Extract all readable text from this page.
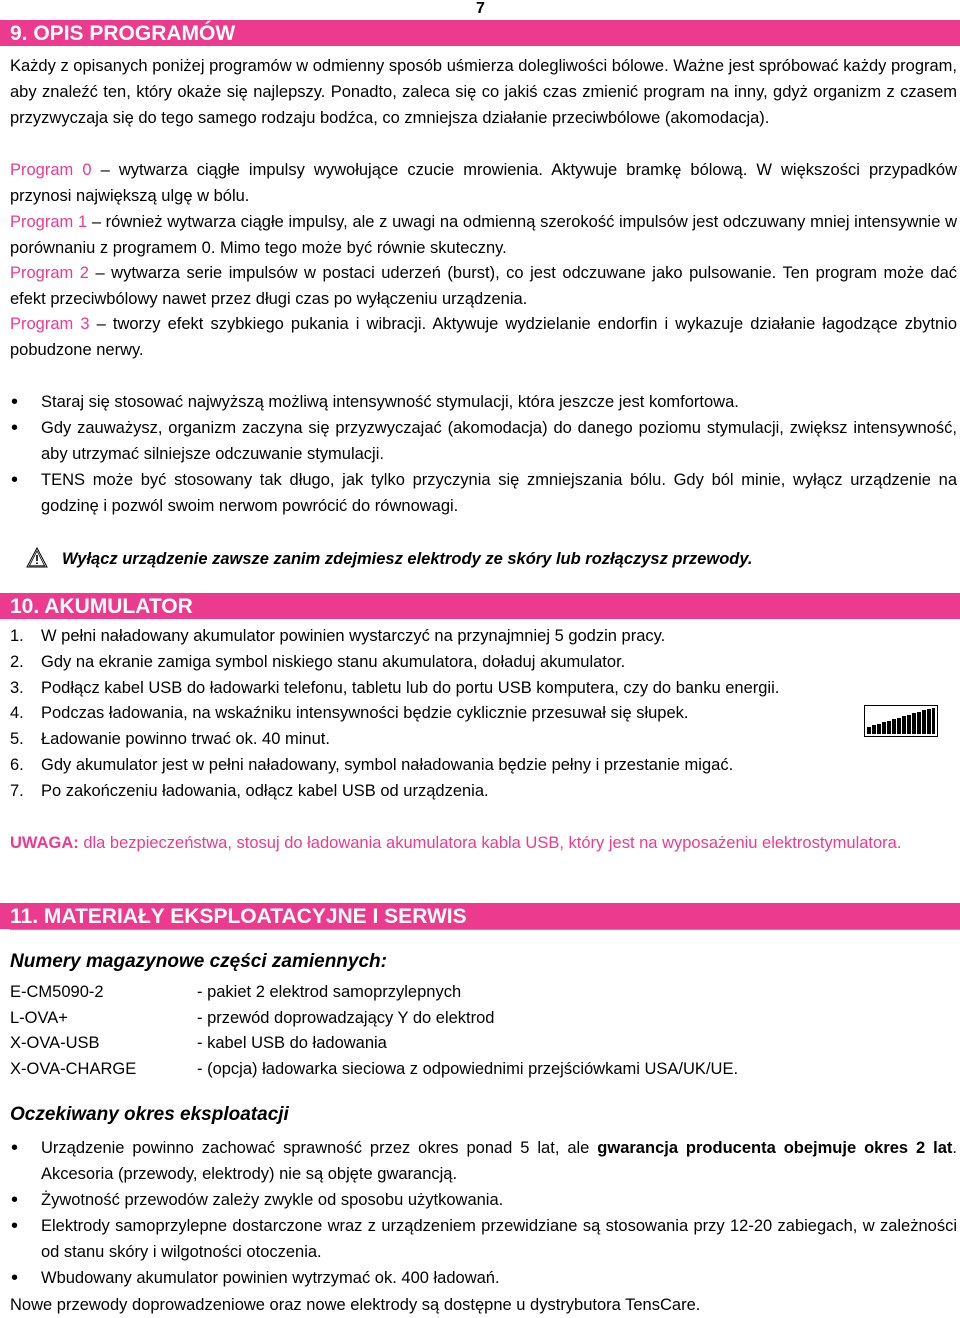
7
9. OPIS PROGRAMÓW
Każdy z opisanych poniżej programów w odmienny sposób uśmierza dolegliwości bólowe. Ważne jest spróbować każdy program, aby znaleźć ten, który okaże się najlepszy. Ponadto, zaleca się co jakiś czas zmienić program na inny, gdyż organizm z czasem przyzwyczaja się do tego samego rodzaju bodźca, co zmniejsza działanie przeciwbólowe (akomodacja).
Program 0 – wytwarza ciągłe impulsy wywołujące czucie mrowienia. Aktywuje bramkę bólową. W większości przypadków przynosi największą ulgę w bólu.
Program 1 – również wytwarza ciągłe impulsy, ale z uwagi na odmienną szerokość impulsów jest odczuwany mniej intensywnie w porównaniu z programem 0. Mimo tego może być równie skuteczny.
Program 2 – wytwarza serie impulsów w postaci uderzeń (burst), co jest odczuwane jako pulsowanie. Ten program może dać efekt przeciwbólowy nawet przez długi czas po wyłączeniu urządzenia.
Program 3 – tworzy efekt szybkiego pukania i wibracji. Aktywuje wydzielanie endorfin i wykazuje działanie łagodzące zbytnio pobudzone nerwy.
• Staraj się stosować najwyższą możliwą intensywność stymulacji, która jeszcze jest komfortowa.
• Gdy zauważysz, organizm zaczyna się przyzwyczajać (akomodacja) do danego poziomu stymulacji, zwiększ intensywność, aby utrzymać silniejsze odczuwanie stymulacji.
• TENS może być stosowany tak długo, jak tylko przyczynia się zmniejszania bólu. Gdy ból minie, wyłącz urządzenie na godzinę i pozwól swoim nerwom powrócić do równowagi.
Wyłącz urządzenie zawsze zanim zdejmiesz elektrody ze skóry lub rozłączysz przewody.
10. AKUMULATOR
1. W pełni naładowany akumulator powinien wystarczyć na przynajmniej 5 godzin pracy.
2. Gdy na ekranie zamiga symbol niskiego stanu akumulatora, doładuj akumulator.
3. Podłącz kabel USB do ładowarki telefonu, tabletu lub do portu USB komputera, czy do banku energii.
4. Podczas ładowania, na wskaźniku intensywności będzie cyklicznie przesuwał się słupek.
5. Ładowanie powinno trwać ok. 40 minut.
6. Gdy akumulator jest w pełni naładowany, symbol naładowania będzie pełny i przestanie migać.
7. Po zakończeniu ładowania, odłącz kabel USB od urządzenia.
UWAGA: dla bezpieczeństwa, stosuj do ładowania akumulatora kabla USB, który jest na wyposażeniu elektrostymulatora.
11. MATERIAŁY EKSPLOATACYJNE I SERWIS
Numery magazynowe części zamiennych:
E-CM5090-2	- pakiet 2 elektrod samoprzylepnych
L-OVA+	- przewód doprowadzający Y do elektrod
X-OVA-USB	- kabel USB do ładowania
X-OVA-CHARGE	- (opcja) ładowarka sieciowa z odpowiednimi przejściówkami USA/UK/UE.
Oczekiwany okres eksploatacji
• Urządzenie powinno zachować sprawność przez okres ponad 5 lat, ale gwarancja producenta obejmuje okres 2 lat. Akcesoria (przewody, elektrody) nie są objęte gwarancją.
• Żywotność przewodów zależy zwykle od sposobu użytkowania.
• Elektrody samoprzylepne dostarczone wraz z urządzeniem przewidziane są stosowania przy 12-20 zabiegach, w zależności od stanu skóry i wilgotności otoczenia.
• Wbudowany akumulator powinien wytrzymać ok. 400 ładowań.
Nowe przewody doprowadzeniowe oraz nowe elektrody są dostępne u dystrybutora TensCare.
